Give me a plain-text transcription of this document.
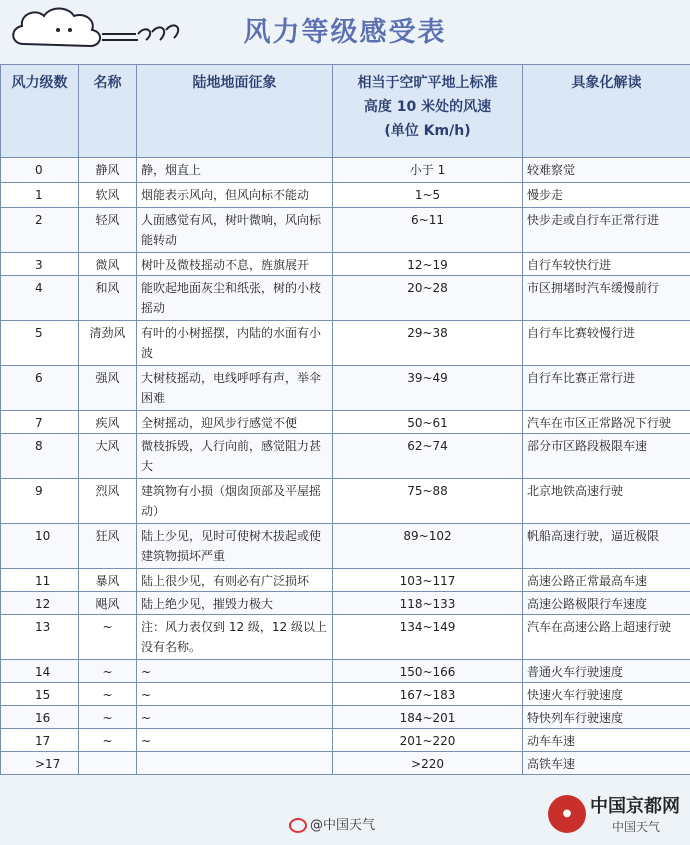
风力等级感受表
风力级数	名称	陆地地面征象	相当于空旷平地上标准
高度 10 米处的风速
(单位 Km/h)	具象化解读
0	静风	静，烟直上	小于 1	较难察觉
1	软风	烟能表示风向，但风向标不能动	1~5	慢步走
2	轻风	人面感觉有风，树叶微响，风向标能转动	6~11	快步走或自行车正常行进
3	微风	树叶及微枝摇动不息，旌旗展开	12~19	自行车较快行进
4	和风	能吹起地面灰尘和纸张，树的小枝摇动	20~28	市区拥堵时汽车缓慢前行
5	清劲风	有叶的小树摇摆，内陆的水面有小波	29~38	自行车比赛较慢行进
6	强风	大树枝摇动，电线呼呼有声，举伞困难	39~49	自行车比赛正常行进
7	疾风	全树摇动，迎风步行感觉不便	50~61	汽车在市区正常路况下行驶
8	大风	微枝拆毁，人行向前，感觉阻力甚大	62~74	部分市区路段极限车速
9	烈风	建筑物有小损（烟囱顶部及平屋摇动）	75~88	北京地铁高速行驶
10	狂风	陆上少见，见时可使树木拔起或使建筑物损坏严重	89~102	帆船高速行驶，逼近极限
11	暴风	陆上很少见，有则必有广泛损坏	103~117	高速公路正常最高车速
12	飓风	陆上绝少见，摧毁力极大	118~133	高速公路极限行车速度
13	~	注：风力表仅到 12 级，12 级以上没有名称。	134~149	汽车在高速公路上超速行驶
14	~	~	150~166	普通火车行驶速度
15	~	~	167~183	快速火车行驶速度
16	~	~	184~201	特快列车行驶速度
17	~	~	201~220	动车车速
>17			>220	高铁车速
@中国天气
●	中国京都网
中国天气
